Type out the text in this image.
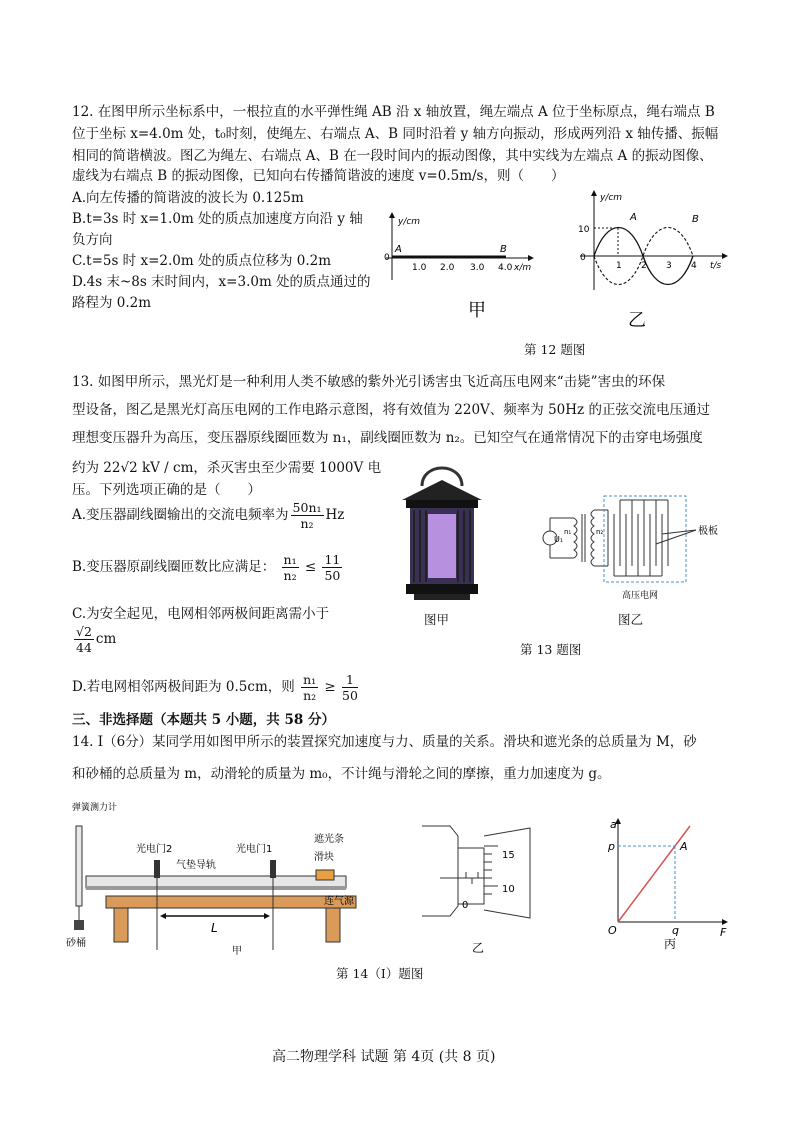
12. 在图甲所示坐标系中，一根拉直的水平弹性绳 AB 沿 x 轴放置，绳左端点 A 位于坐标原点，绳右端点 B
位于坐标 x=4.0m 处，t₀时刻，使绳左、右端点 A、B 同时沿着 y 轴方向振动，形成两列沿 x 轴传播、振幅
相同的简谐横波。图乙为绳左、右端点 A、B 在一段时间内的振动图像，其中实线为左端点 A 的振动图像、
虚线为右端点 B 的振动图像，已知向右传播简谐波的速度 v=0.5m/s，则（　　）
A.向左传播的简谐波的波长为 0.125m
B.t=3s 时 x=1.0m 处的质点加速度方向沿 y 轴
负方向
C.t=5s 时 x=2.0m 处的质点位移为 0.2m
D.4s 末~8s 末时间内，x=3.0m 处的质点通过的
路程为 0.2m
y/cm
x/m
0
A	B
1.0 2.0 3.0 4.0
甲
y/cm
t/s
0
10
A	B
1 2 3 4
乙
第 12 题图
13. 如图甲所示，黑光灯是一种利用人类不敏感的紫外光引诱害虫飞近高压电网来“击毙”害虫的环保
型设备，图乙是黑光灯高压电网的工作电路示意图，将有效值为 220V、频率为 50Hz 的正弦交流电压通过
理想变压器升为高压，变压器原线圈匝数为 n₁，副线圈匝数为 n₂。已知空气在通常情况下的击穿电场强度
约为 22√2 kV / cm，杀灭害虫至少需要 1000V 电
压。下列选项正确的是（　　）
A.变压器副线圈输出的交流电频率为 $\frac{\text{50n₁}}{\text{n₂}}$ Hz
B.变压器原副线圈匝数比应满足： $\frac{\text{n₁}}{\text{n₂}} \le \frac{11}{50}$
C.为安全起见，电网相邻两极间距离需小于
$\frac{√2}{44}$ cm
D.若电网相邻两极间距为 0.5cm，则 $\frac{\text{n₁}}{\text{n₂}} \ge \frac{1}{50}$
图甲
极板
高压电网
U₁
n₁	n₂
图乙
第 13 题图
三、非选择题（本题共 5 小题，共 58 分）
14. Ⅰ（6分）某同学用如图甲所示的装置探究加速度与力、质量的关系。滑块和遮光条的总质量为 M，砂
和砂桶的总质量为 m，动滑轮的质量为 m₀，不计绳与滑轮之间的摩擦，重力加速度为 g。
L
弹簧测力计
光电门2	光电门1
气垫导轨
遮光条
滑块
连气源
砂桶
甲
15
10
0
乙
a
p	A
O	q	F
丙
第 14（Ⅰ）题图
高二物理学科 试题 第 4页 (共 8 页)
